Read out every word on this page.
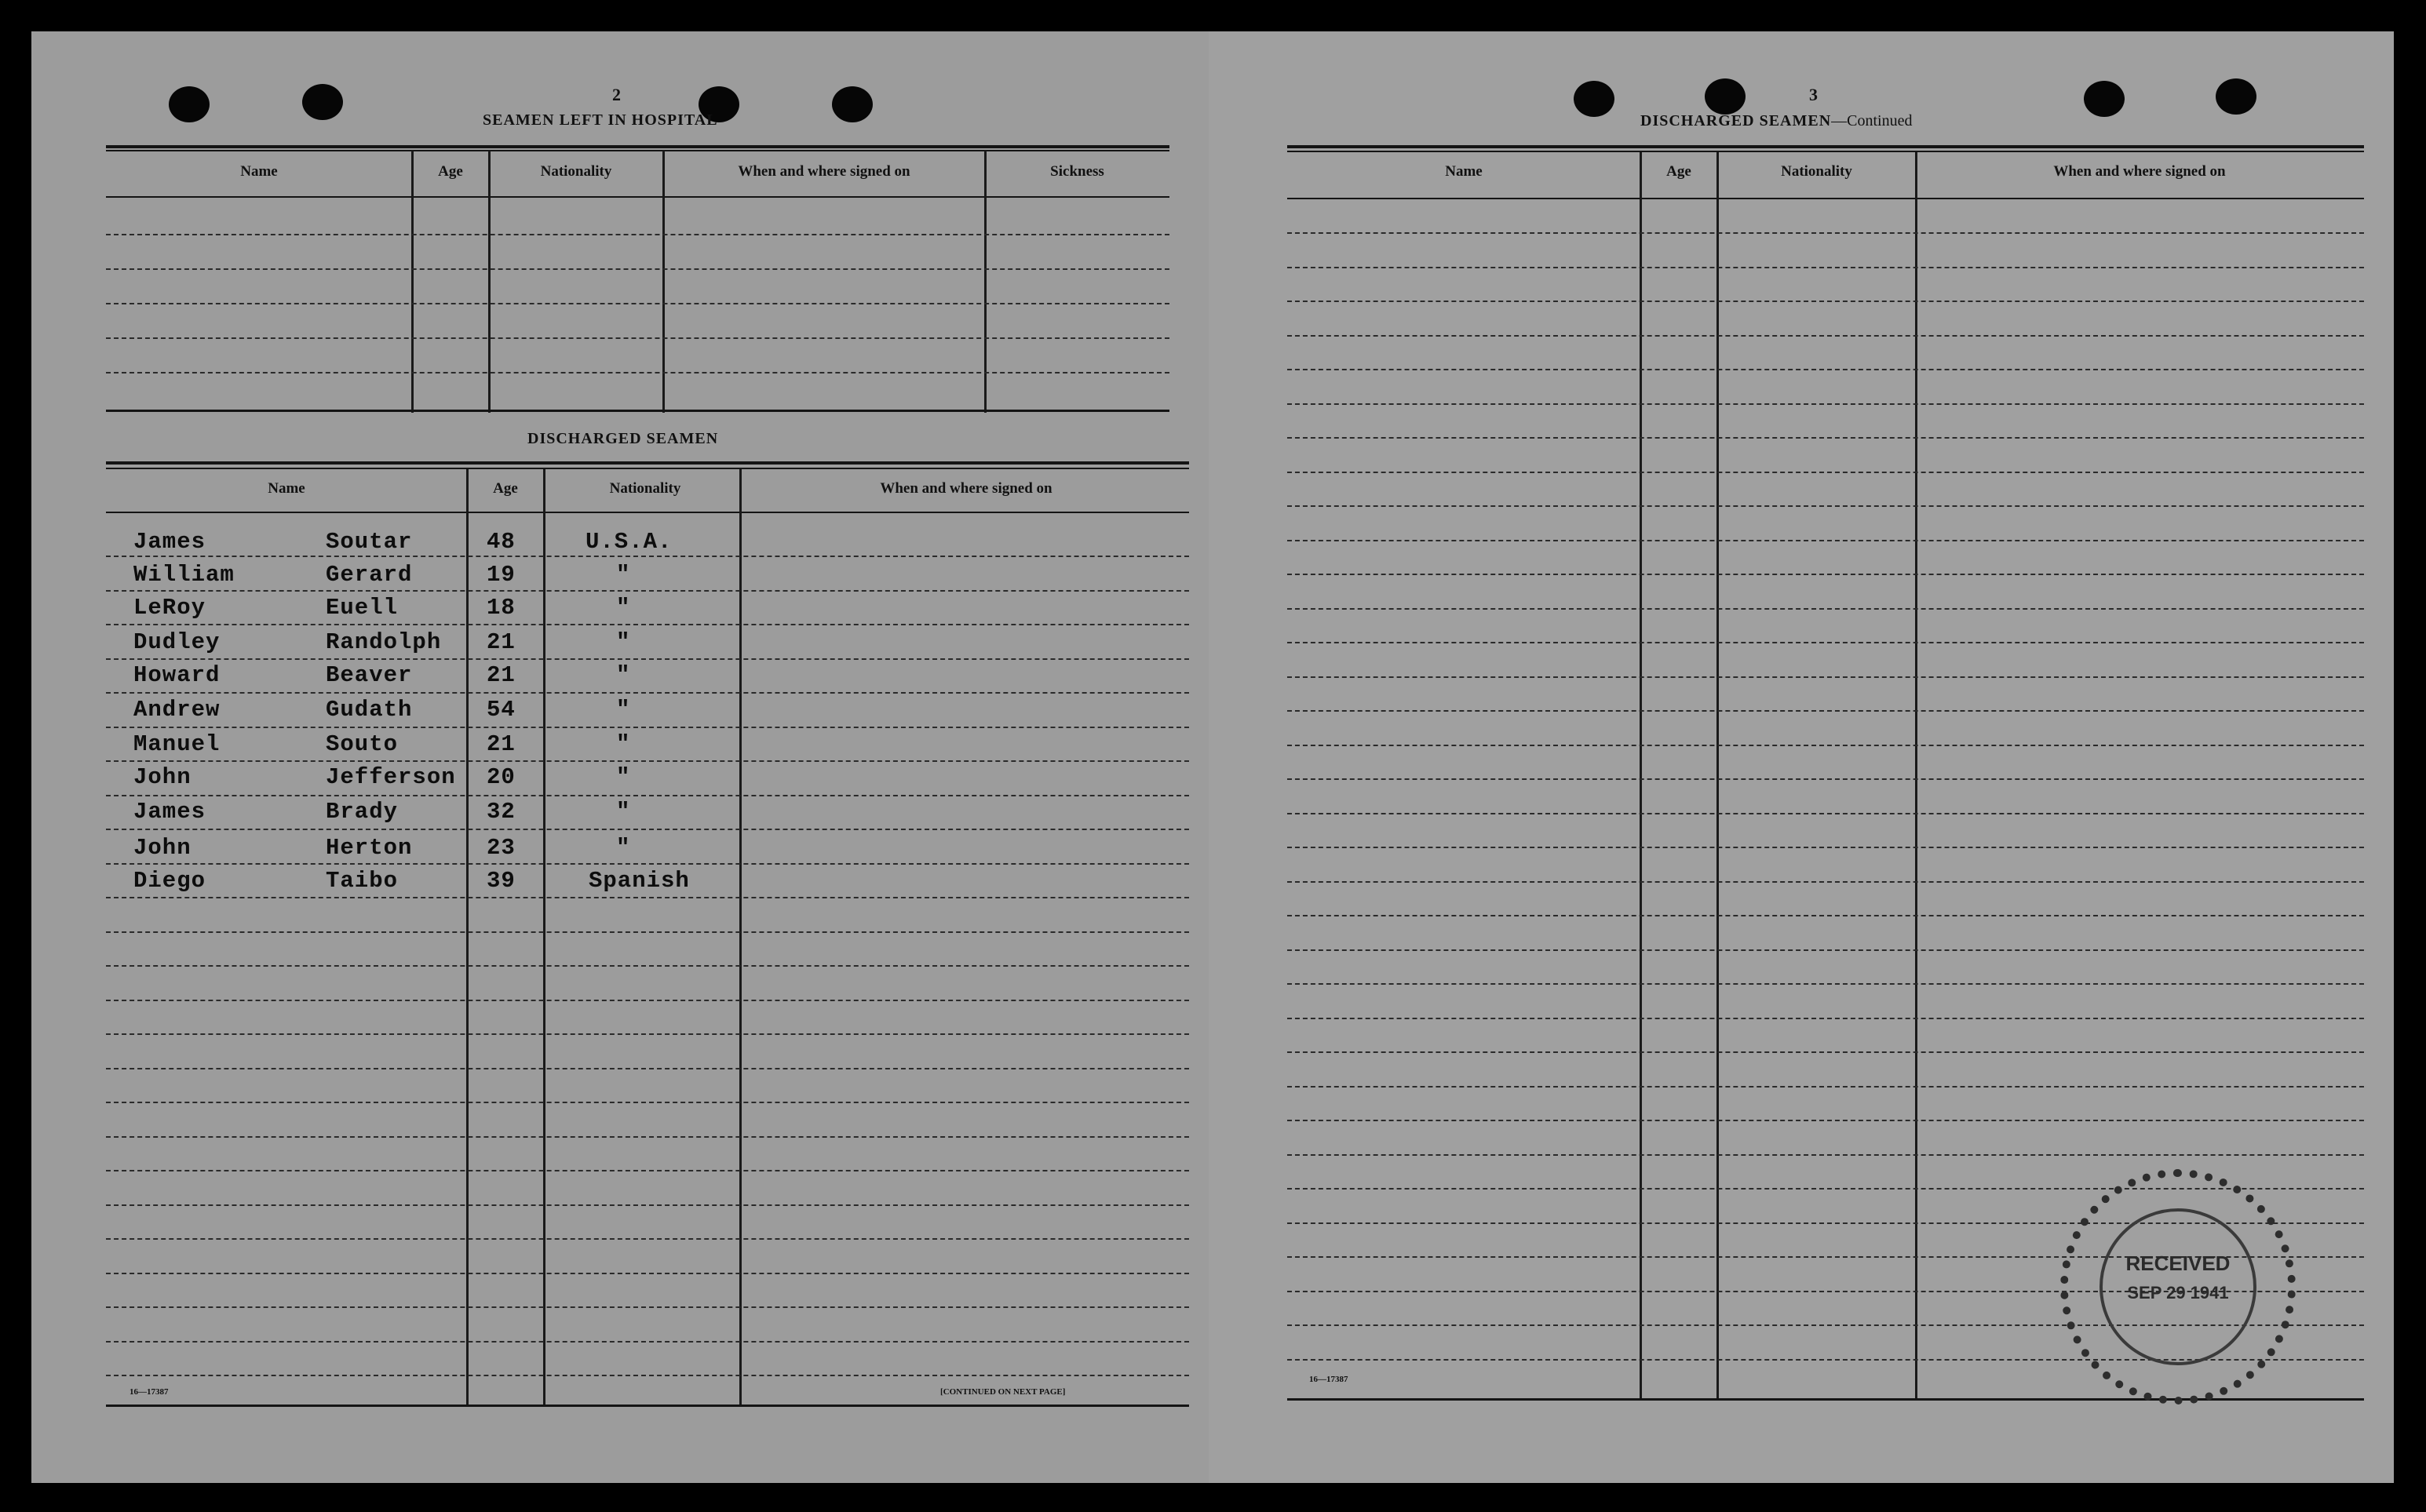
2
SEAMEN LEFT IN HOSPITAL
Name	Age	Nationality	When and where signed on	Sickness
DISCHARGED SEAMEN
Name	Age	Nationality	When and where signed on
James	Soutar	48	U.S.A.
William	Gerard	19	"
LeRoy	Euell	18	"
Dudley	Randolph 21	"
Howard	Beaver	21	"
Andrew	Gudath	54	"
Manuel	Souto	21	"
John	Jefferson 20	"
James	Brady	32	"
John	Herton	23	"
Diego	Taibo	39	Spanish
16—17387	[CONTINUED ON NEXT PAGE]
3
DISCHARGED SEAMEN—Continued
Name	Age	Nationality	When and where signed on
RECEIVED
SEP 29 1941
16—17387
